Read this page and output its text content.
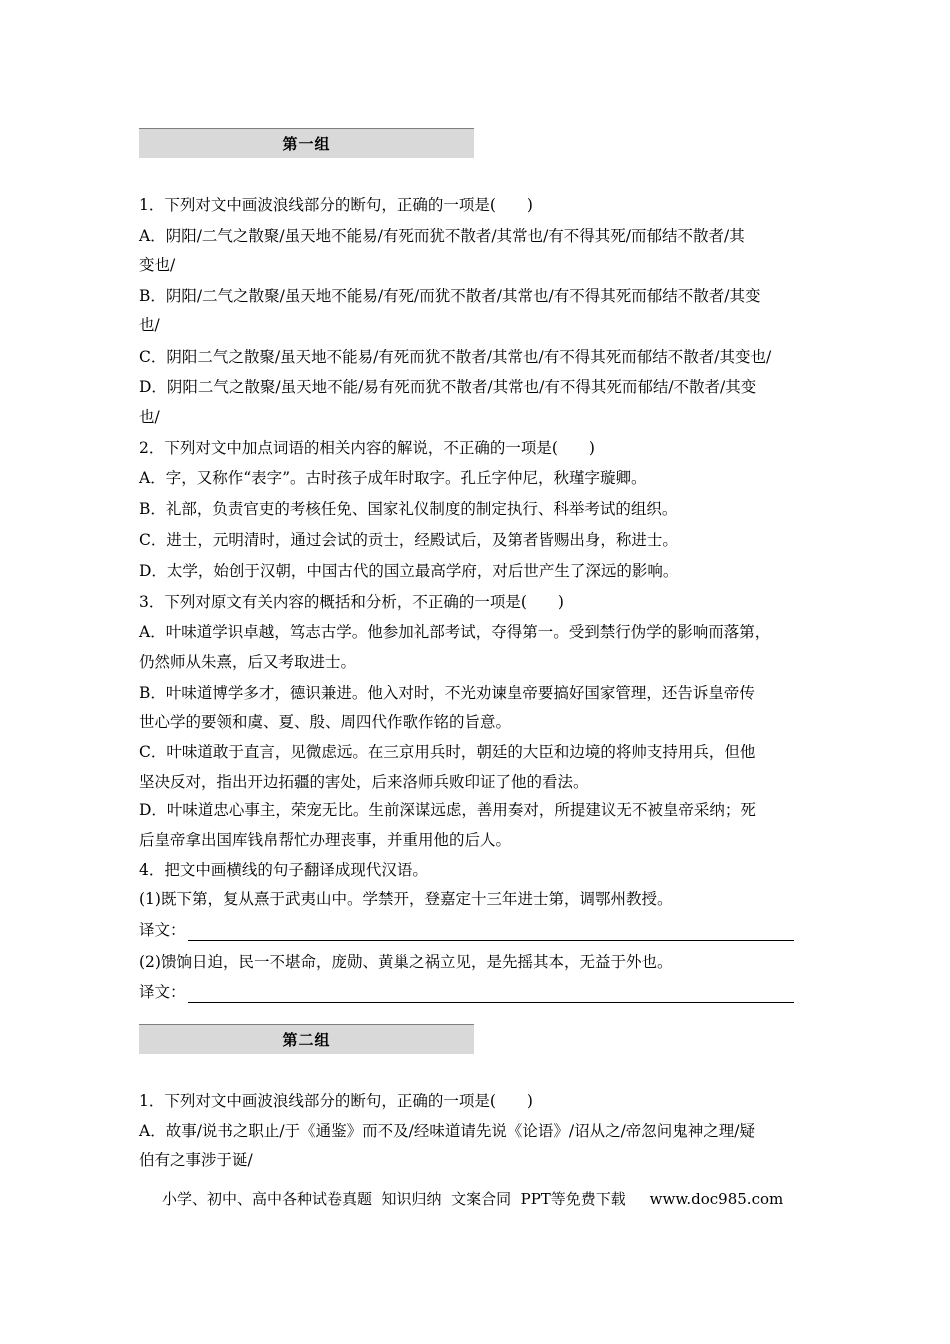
第一组

1．下列对文中画波浪线部分的断句，正确的一项是(　　)

A．阴阳/二气之散聚/虽天地不能易/有死而犹不散者/其常也/有不得其死/而郁结不散者/其

变也/

B．阴阳/二气之散聚/虽天地不能易/有死/而犹不散者/其常也/有不得其死而郁结不散者/其变

也/

C．阴阳二气之散聚/虽天地不能易/有死而犹不散者/其常也/有不得其死而郁结不散者/其变也/

D．阴阳二气之散聚/虽天地不能/易有死而犹不散者/其常也/有不得其死而郁结/不散者/其变

也/

2．下列对文中加点词语的相关内容的解说，不正确的一项是(　　)

A．字，又称作“表字”。古时孩子成年时取字。孔丘字仲尼，秋瑾字璇卿。

B．礼部，负责官吏的考核任免、国家礼仪制度的制定执行、科举考试的组织。

C．进士，元明清时，通过会试的贡士，经殿试后，及第者皆赐出身，称进士。

D．太学，始创于汉朝，中国古代的国立最高学府，对后世产生了深远的影响。

3．下列对原文有关内容的概括和分析，不正确的一项是(　　)

A．叶味道学识卓越，笃志古学。他参加礼部考试，夺得第一。受到禁行伪学的影响而落第，

仍然师从朱熹，后又考取进士。

B．叶味道博学多才，德识兼进。他入对时，不光劝谏皇帝要搞好国家管理，还告诉皇帝传

世心学的要领和虞、夏、殷、周四代作歌作铭的旨意。

C．叶味道敢于直言，见微虑远。在三京用兵时，朝廷的大臣和边境的将帅支持用兵，但他

坚决反对，指出开边拓疆的害处，后来洛师兵败印证了他的看法。

D．叶味道忠心事主，荣宠无比。生前深谋远虑，善用奏对，所提建议无不被皇帝采纳；死

后皇帝拿出国库钱帛帮忙办理丧事，并重用他的后人。

4．把文中画横线的句子翻译成现代汉语。

(1)既下第，复从熹于武夷山中。学禁开，登嘉定十三年进士第，调鄂州教授。

译文：

(2)馈饷日迫，民一不堪命，庞勋、黄巢之祸立见，是先摇其本，无益于外也。

译文：
第二组

1．下列对文中画波浪线部分的断句，正确的一项是(　　)

A．故事/说书之职止/于《通鉴》而不及/经味道请先说《论语》/诏从之/帝忽问鬼神之理/疑

伯有之事涉于诞/

小学、初中、高中各种试卷真题  知识归纳  文案合同  PPT等免费下载     www.doc985.com
